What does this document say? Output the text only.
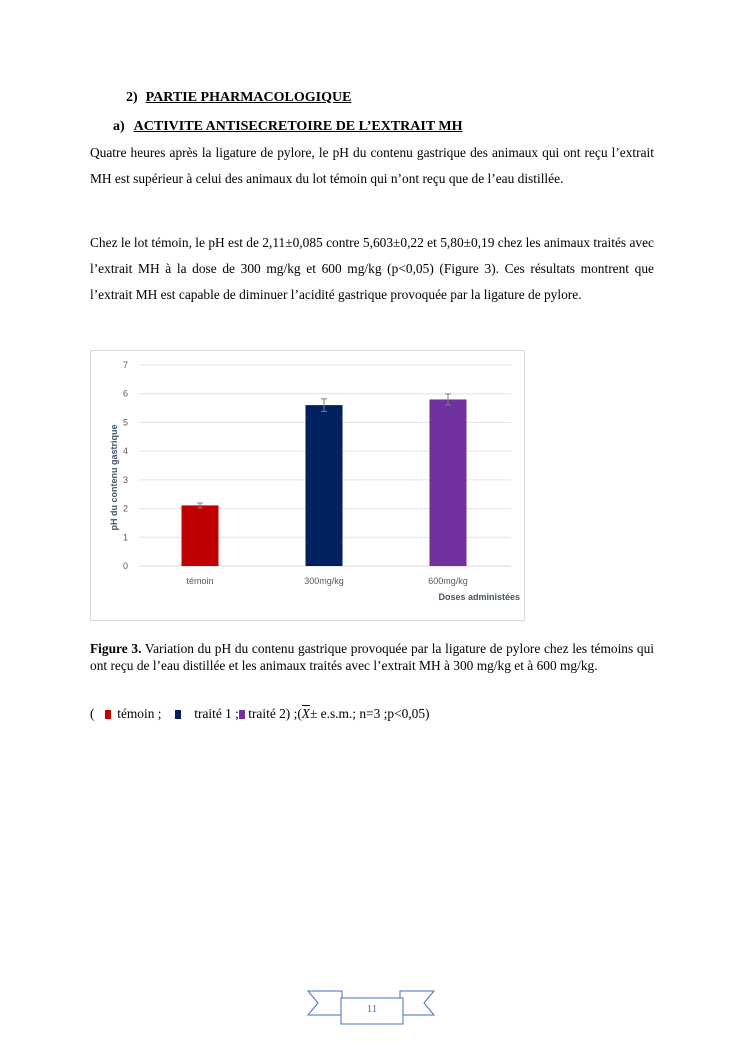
2) PARTIE PHARMACOLOGIQUE
a) ACTIVITE ANTISECRETOIRE DE L’EXTRAIT MH

Quatre heures après la ligature de pylore, le pH du contenu gastrique des animaux qui ont reçu l’extrait MH est supérieur à celui des animaux du lot témoin qui n’ont reçu que de l’eau distillée.

Chez le lot témoin, le pH est de 2,11±0,085 contre 5,603±0,22 et 5,80±0,19 chez les animaux traités avec l’extrait MH à la dose de 300 mg/kg et 600 mg/kg (p<0,05) (Figure 3). Ces résultats montrent que l’extrait MH est capable de diminuer l’acidité gastrique provoquée par la ligature de pylore.

0
1
2
3
4
5
6
7
témoin	300mg/kg	600mg/kg
pH du contenu gastrique
Doses administées

Figure 3. Variation du pH du contenu gastrique provoquée par la ligature de pylore chez les témoins qui ont reçu de l’eau distillée et les animaux traités avec l’extrait MH à 300 mg/kg et à 600 mg/kg.

( témoin ; traité 1 ; traité 2) $;(\overline{X}\pm e.s.m$.; n=3 ;p<0,05)
11
